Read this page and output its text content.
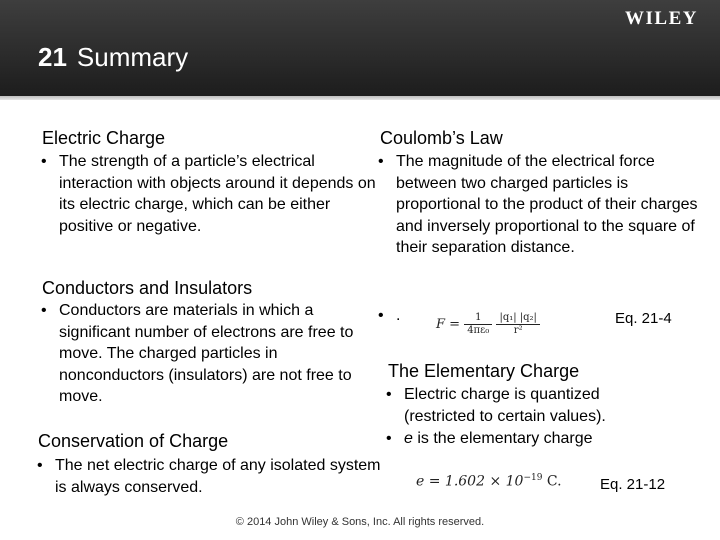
WILEY
21 Summary
Electric Charge
• The strength of a particle’s electrical interaction with objects around it depends on its electric charge, which can be either positive or negative.
Conductors and Insulators
• Conductors are materials in which a significant number of electrons are free to move. The charged particles in nonconductors (insulators) are not free to move.
Conservation of Charge
• The net electric charge of any isolated system is always conserved.
Coulomb’s Law
• The magnitude of the electrical force between two charged particles is proportional to the product of their charges and inversely proportional to the square of their separation distance.
• .
$F = \frac{1}{\text{4πε₀}}$
$\frac{\text{|q₁| |q₂|}}{\text{r²}}$	Eq. 21-4
The Elementary Charge
• Electric charge is quantized (restricted to certain values).
• e is the elementary charge
$e = 1.602 \times 10^{-19}$ C.	Eq. 21-12
© 2014 John Wiley & Sons, Inc. All rights reserved.
